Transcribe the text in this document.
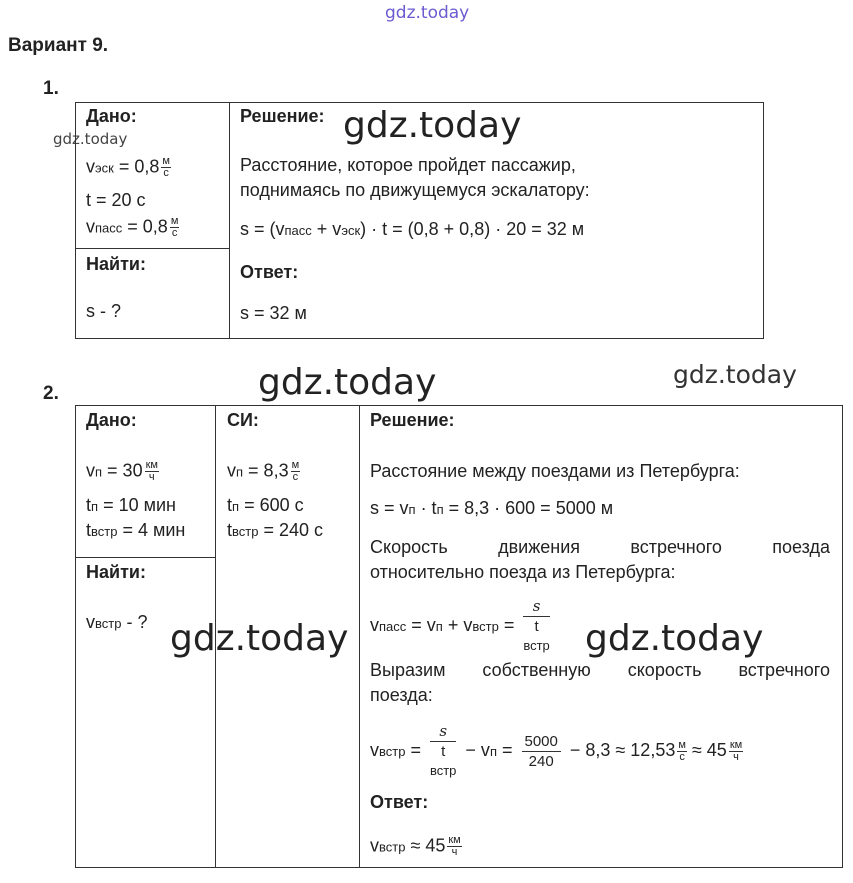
gdz.today
gdz.today	gdz.today
gdz.today	gdz.today
Вариант 9.
1.
Дано:
vэск = $0,8 \frac{м}{с}$
t = 20 с
vпасс = $0,8 \frac{м}{с}$
Найти:
s - ?
Решение:
Расстояние, которое пройдет пассажир,
поднимаясь по движущемуся эскалатору:
s = (vпасс + vэск) · t = (0,8 + 0,8) · 20 = 32 м
Ответ:
s = 32 м
2.
Дано:
vп = $30 \frac{км}{ч}$
tп = 10 мин
tвстр = 4 мин
Найти:
vвстр - ?
СИ:
vп = $8,3 \frac{м}{с}$
tп = 600 с
tвстр = 240 с
Решение:
Расстояние между поездами из Петербурга:
s = vп · tп = 8,3 · 600 = 5000 м
Скорость движения встречного поезда
относительно поезда из Петербурга:
vпасс = vп + vвстр =
s
t
встр
gdz.today	gdz.today
Выразим собственную скорость встречного
поезда:
vвстр =
s
t
встр
− vп = $\frac{5000}{240} - 8,3 \approx 12,53 \frac{м}{с} \approx 45 \frac{км}{ч}$
Ответ:
vвстр ≈ $45 \frac{км}{ч}$
